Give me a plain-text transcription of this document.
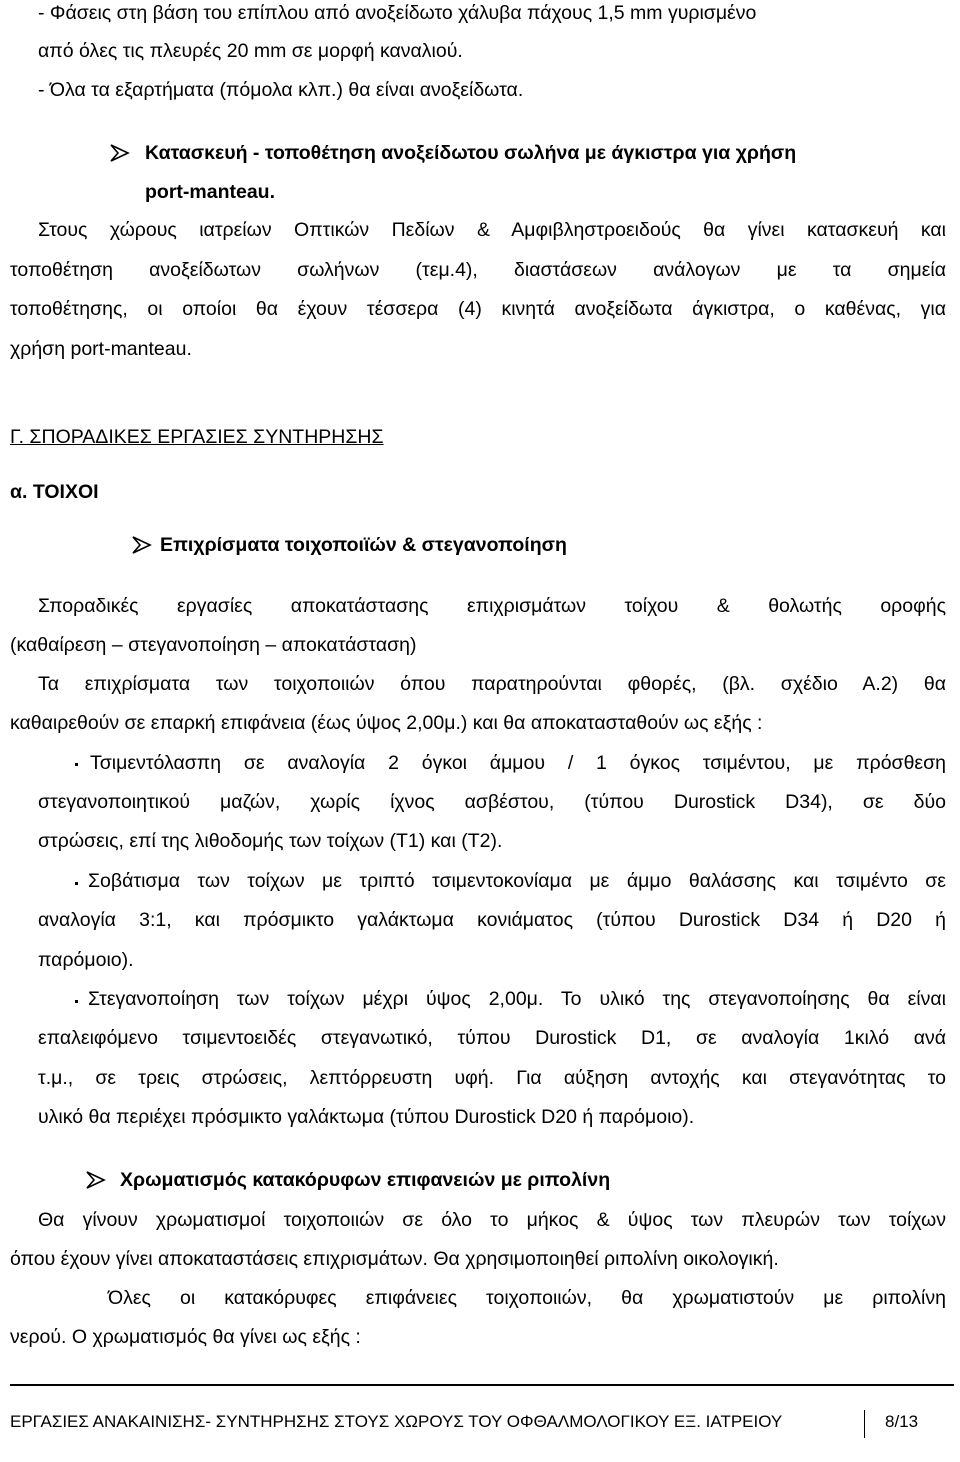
- Φάσεις στη βάση του επίπλου από ανοξείδωτο χάλυβα πάχους 1,5 mm γυρισμένο
από όλες τις πλευρές 20 mm σε μορφή καναλιού.
- Όλα τα εξαρτήματα (πόμολα κλπ.) θα είναι ανοξείδωτα.
Κατασκευή - τοποθέτηση ανοξείδωτου σωλήνα με άγκιστρα για χρήση
port-manteau.
Στους χώρους ιατρείων Οπτικών Πεδίων & Αμφιβληστροειδούς θα γίνει κατασκευή και
τοποθέτηση ανοξείδωτων σωλήνων (τεμ.4), διαστάσεων ανάλογων με τα σημεία
τοποθέτησης, οι οποίοι θα έχουν τέσσερα (4) κινητά ανοξείδωτα άγκιστρα, ο καθένας, για
χρήση port-manteau.
Γ. ΣΠΟΡΑΔΙΚΕΣ ΕΡΓΑΣΙΕΣ ΣΥΝΤΗΡΗΣΗΣ
α. ΤΟΙΧΟΙ
Επιχρίσματα τοιχοποιϊών & στεγανοποίηση
Σποραδικές εργασίες αποκατάστασης επιχρισμάτων τοίχου & θολωτής οροφής
(καθαίρεση – στεγανοποίηση – αποκατάσταση)
Τα επιχρίσματα των τοιχοποιιών όπου παρατηρούνται φθορές, (βλ. σχέδιο Α.2) θα
καθαιρεθούν σε επαρκή επιφάνεια (έως ύψος 2,00μ.) και θα αποκατασταθούν ως εξής :
Τσιμεντόλασπη σε αναλογία 2 όγκοι άμμου / 1 όγκος τσιμέντου, με πρόσθεση
στεγανοποιητικού μαζών, χωρίς ίχνος ασβέστου, (τύπου Durostick D34), σε δύο
στρώσεις, επί της λιθοδομής των τοίχων (Τ1) και (Τ2).
Σοβάτισμα των τοίχων με τριπτό τσιμεντοκονίαμα με άμμο θαλάσσης και τσιμέντο σε
αναλογία 3:1, και πρόσμικτο γαλάκτωμα κονιάματος (τύπου Durostick D34 ή D20 ή
παρόμοιο).
Στεγανοποίηση των τοίχων μέχρι ύψος 2,00μ. Το υλικό της στεγανοποίησης θα είναι
επαλειφόμενο τσιμεντοειδές στεγανωτικό, τύπου Durostick D1, σε αναλογία 1κιλό ανά
τ.μ., σε τρεις στρώσεις, λεπτόρρευστη υφή. Για αύξηση αντοχής και στεγανότητας το
υλικό θα περιέχει πρόσμικτο γαλάκτωμα (τύπου Durostick D20 ή παρόμοιο).
Χρωματισμός κατακόρυφων επιφανειών με ριπολίνη
Θα γίνουν χρωματισμοί τοιχοποιιών σε όλο το μήκος & ύψος των πλευρών των τοίχων
όπου έχουν γίνει αποκαταστάσεις επιχρισμάτων. Θα χρησιμοποιηθεί ριπολίνη οικολογική.
Όλες οι κατακόρυφες επιφάνειες τοιχοποιιών, θα χρωματιστούν με ριπολίνη
νερού. Ο χρωματισμός θα γίνει ως εξής :
ΕΡΓΑΣΙΕΣ ΑΝΑΚΑΙΝΙΣΗΣ- ΣΥΝΤΗΡΗΣΗΣ ΣΤΟΥΣ ΧΩΡΟΥΣ ΤΟΥ ΟΦΘΑΛΜΟΛΟΓΙΚΟΥ ΕΞ. ΙΑΤΡΕΙΟΥ	8/13
